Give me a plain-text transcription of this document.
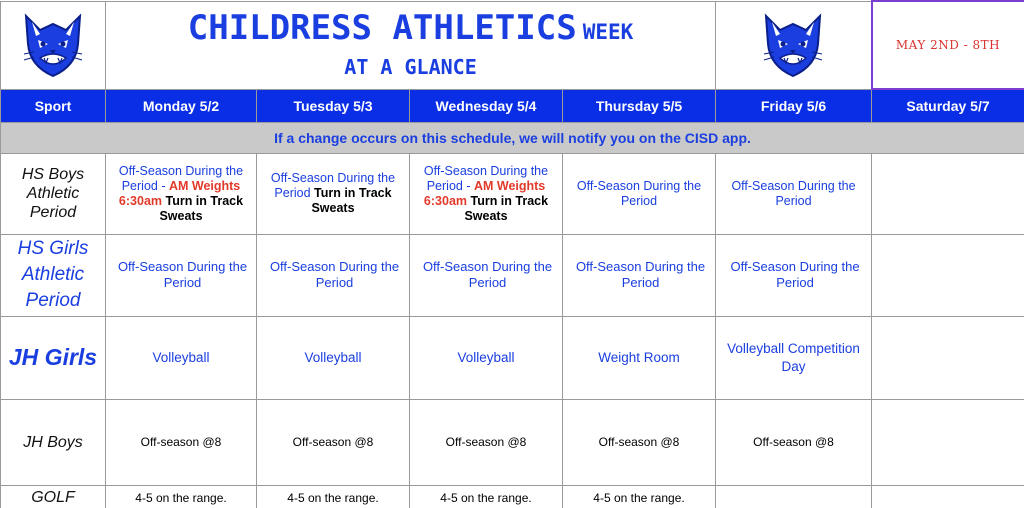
CHILDRESS ATHLETICS WEEK
AT A GLANCE					MAY 2ND - 8TH
Sport	Monday 5/2	Tuesday 5/3	Wednesday 5/4	Thursday 5/5	Friday 5/6	Saturday 5/7
If a change occurs on this schedule, we will notify you on the CISD app.						

HS Boys
Athletic
Period	Off-Season During the Period - AM Weights 6:30am Turn in Track Sweats	Off-Season During the Period Turn in Track Sweats	Off-Season During the Period - AM Weights 6:30am Turn in Track Sweats	Off-Season During the Period	Off-Season During the Period	

HS Girls
Athletic
Period	Off-Season During the Period	Off-Season During the Period	Off-Season During the Period	Off-Season During the Period	Off-Season During the Period	

JH Girls	Volleyball	Volleyball	Volleyball	Weight Room	Volleyball Competition Day	

JH Boys	Off-season @8	Off-season @8	Off-season @8	Off-season @8	Off-season @8	

GOLF	4-5 on the range.	4-5 on the range.	4-5 on the range.	4-5 on the range.		
